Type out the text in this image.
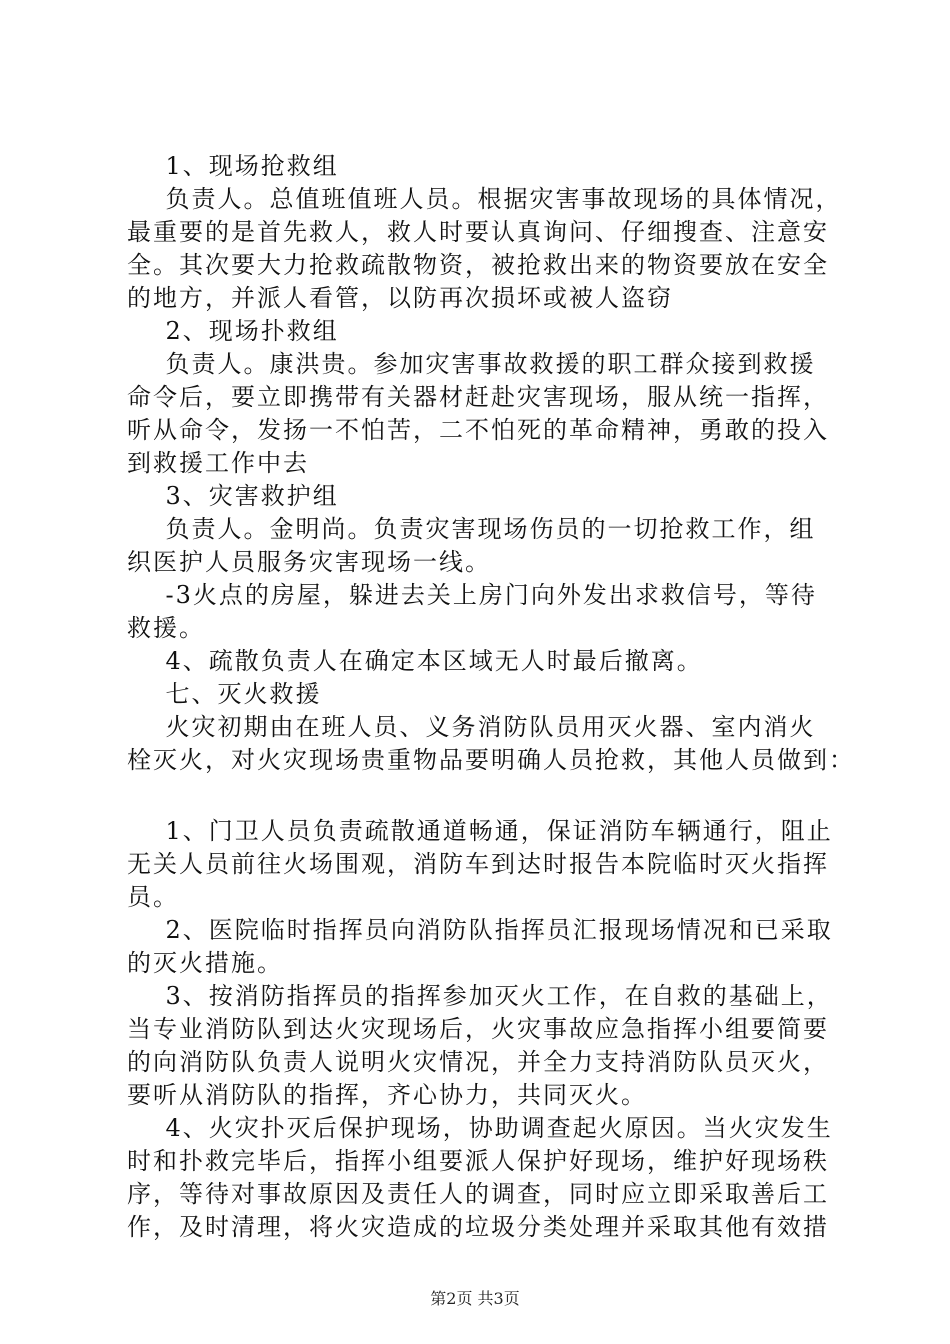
1、现场抢救组
负责人。总值班值班人员。根据灾害事故现场的具体情况，
最重要的是首先救人，救人时要认真询问、仔细搜查、注意安
全。其次要大力抢救疏散物资，被抢救出来的物资要放在安全
的地方，并派人看管，以防再次损坏或被人盗窃
2、现场扑救组
负责人。康洪贵。参加灾害事故救援的职工群众接到救援
命令后，要立即携带有关器材赶赴灾害现场，服从统一指挥，
听从命令，发扬一不怕苦，二不怕死的革命精神，勇敢的投入
到救援工作中去
3、灾害救护组
负责人。金明尚。负责灾害现场伤员的一切抢救工作，组
织医护人员服务灾害现场一线。
-3火点的房屋，躲进去关上房门向外发出求救信号，等待
救援。
4、疏散负责人在确定本区域无人时最后撤离。
七、灭火救援
火灾初期由在班人员、义务消防队员用灭火器、室内消火
栓灭火，对火灾现场贵重物品要明确人员抢救，其他人员做到：
1、门卫人员负责疏散通道畅通，保证消防车辆通行，阻止
无关人员前往火场围观，消防车到达时报告本院临时灭火指挥
员。
2、医院临时指挥员向消防队指挥员汇报现场情况和已采取
的灭火措施。
3、按消防指挥员的指挥参加灭火工作，在自救的基础上，
当专业消防队到达火灾现场后，火灾事故应急指挥小组要简要
的向消防队负责人说明火灾情况，并全力支持消防队员灭火，
要听从消防队的指挥，齐心协力，共同灭火。
4、火灾扑灭后保护现场，协助调查起火原因。当火灾发生
时和扑救完毕后，指挥小组要派人保护好现场，维护好现场秩
序，等待对事故原因及责任人的调查，同时应立即采取善后工
作，及时清理，将火灾造成的垃圾分类处理并采取其他有效措
第2页 共3页
